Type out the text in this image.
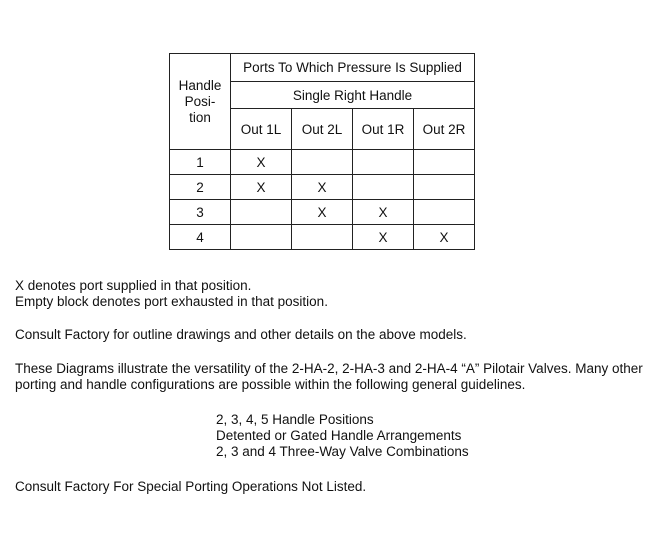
Handle
Posi-
tion	Ports To Which Pressure Is Supplied			
	Single Right Handle			
	Out 1L	Out 2L	Out 1R	Out 2R
1	X			
2	X	X		
3		X	X	
4			X	X
X denotes port supplied in that position.
Empty block denotes port exhausted in that position.
Consult Factory for outline drawings and other details on the above models.
These Diagrams illustrate the versatility of the 2-HA-2, 2-HA-3 and 2-HA-4 “A” Pilotair Valves. Many other
porting and handle configurations are possible within the following general guidelines.
2, 3, 4, 5 Handle Positions
Detented or Gated Handle Arrangements
2, 3 and 4 Three-Way Valve Combinations
Consult Factory For Special Porting Operations Not Listed.
